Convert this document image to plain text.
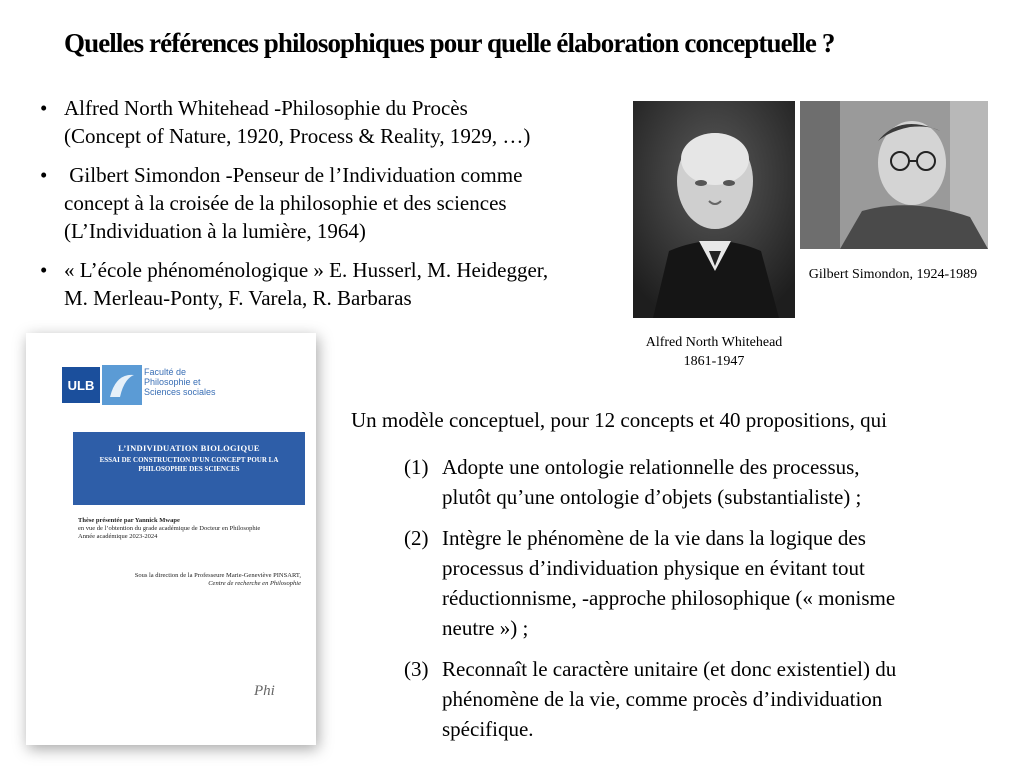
Quelles références philosophiques pour quelle élaboration conceptuelle ?
• Alfred North Whitehead -Philosophie du Procès
(Concept of Nature, 1920, Process & Reality, 1929, …)
• Gilbert Simondon -Penseur de l’Individuation comme
concept à la croisée de la philosophie et des sciences
(L’Individuation à la lumière, 1964)
• « L’école phénoménologique » E. Husserl, M. Heidegger,
M. Merleau-Ponty, F. Varela, R. Barbaras
Alfred North Whitehead
1861-1947
Gilbert Simondon, 1924-1989
ULB
Faculté de
Philosophie et
Sciences sociales
L’INDIVIDUATION BIOLOGIQUE
ESSAI DE CONSTRUCTION D’UN CONCEPT POUR LA
PHILOSOPHIE DES SCIENCES
Thèse présentée par Yannick Mwape
en vue de l’obtention du grade académique de Docteur en Philosophie
Année académique 2023-2024
Sous la direction de la Professeure Marie-Geneviève PINSART,
Centre de recherche en Philosophie
Phi
Un modèle conceptuel, pour 12 concepts et 40 propositions, qui
(1) Adopte une ontologie relationnelle des processus,
plutôt qu’une ontologie d’objets (substantialiste) ;
(2) Intègre le phénomène de la vie dans la logique des
processus d’individuation physique en évitant tout
réductionnisme, -approche philosophique (« monisme
neutre ») ;
(3) Reconnaît le caractère unitaire (et donc existentiel) du
phénomène de la vie, comme procès d’individuation
spécifique.
